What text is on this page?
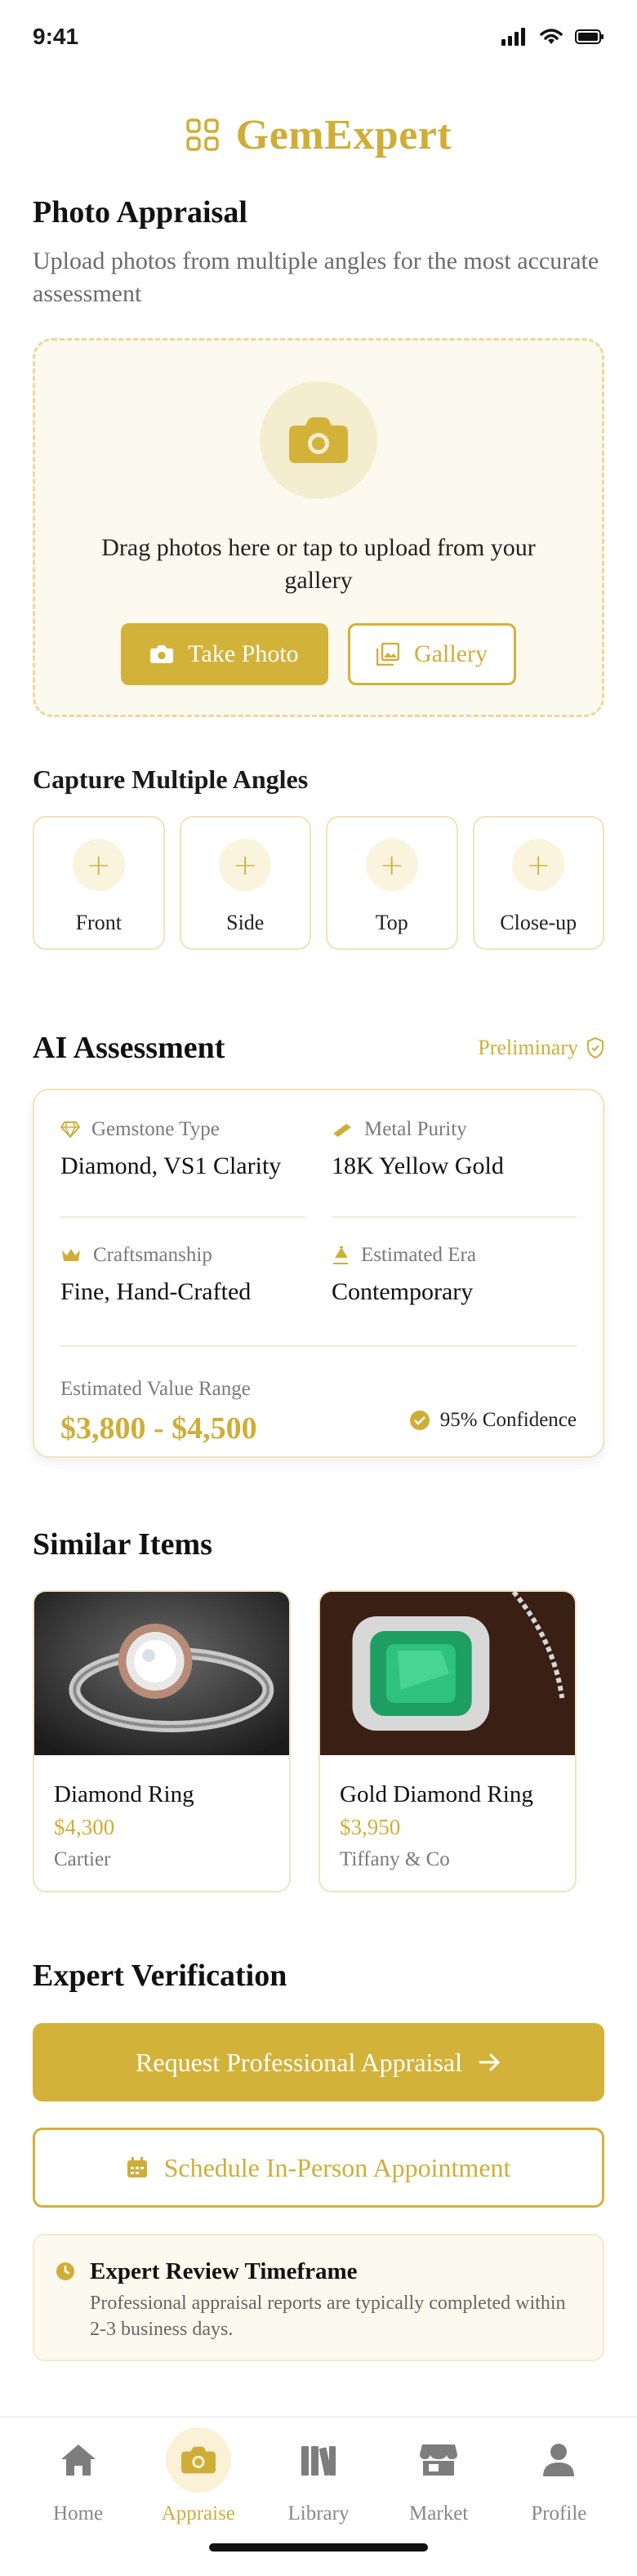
9:41
GemExpert
Photo Appraisal

Upload photos from multiple angles for the most accurate assessment

Drag photos here or tap to upload from your gallery

Take Photo	Gallery
Capture Multiple Angles
+
Front
+
Side
+
Top
+
Close-up
AI Assessment	Preliminary
Gemstone Type
Diamond, VS1 Clarity
Metal Purity
18K Yellow Gold
Craftsmanship
Fine, Hand-Crafted
Estimated Era
Contemporary
Estimated Value Range
$3,800 - $4,500	95% Confidence
Similar Items
Diamond Ring
$4,300
Cartier
Gold Diamond Ring
$3,950
Tiffany & Co
Expert Verification
Request Professional Appraisal
Schedule In-Person Appointment
Expert Review Timeframe
Professional appraisal reports are typically completed within 2-3 business days.
Home	Appraise	Library	Market	Profile
